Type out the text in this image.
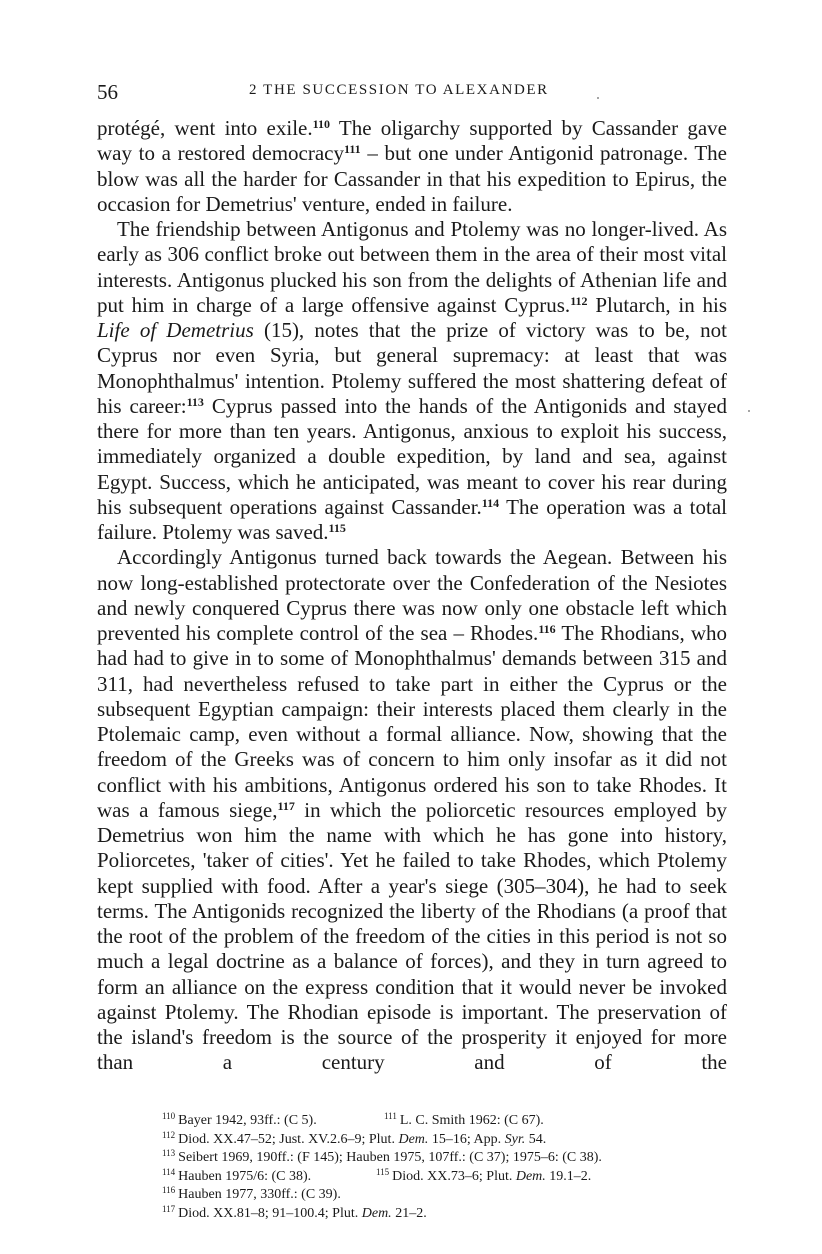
56	2 THE SUCCESSION TO ALEXANDER

protégé, went into exile.$^{110}$ The oligarchy supported by Cassander gave way to a restored democracy$^{111}$ – but one under Antigonid patronage. The blow was all the harder for Cassander in that his expedition to Epirus, the occasion for Demetrius' venture, ended in failure.

The friendship between Antigonus and Ptolemy was no longer-lived. As early as 306 conflict broke out between them in the area of their most vital interests. Antigonus plucked his son from the delights of Athenian life and put him in charge of a large offensive against Cyprus.$^{112}$ Plutarch, in his Life of Demetrius (15), notes that the prize of victory was to be, not Cyprus nor even Syria, but general supremacy: at least that was Monophthalmus' intention. Ptolemy suffered the most shattering defeat of his career:$^{113}$ Cyprus passed into the hands of the Antigonids and stayed there for more than ten years. Antigonus, anxious to exploit his success, immediately organized a double expedition, by land and sea, against Egypt. Success, which he anticipated, was meant to cover his rear during his subsequent operations against Cassander.$^{114}$ The operation was a total failure. Ptolemy was saved.$^{115}$

Accordingly Antigonus turned back towards the Aegean. Between his now long-established protectorate over the Confederation of the Nesiotes and newly conquered Cyprus there was now only one obstacle left which prevented his complete control of the sea – Rhodes.$^{116}$ The Rhodians, who had had to give in to some of Monophthalmus' demands between 315 and 311, had nevertheless refused to take part in either the Cyprus or the subsequent Egyptian campaign: their interests placed them clearly in the Ptolemaic camp, even without a formal alliance. Now, showing that the freedom of the Greeks was of concern to him only insofar as it did not conflict with his ambitions, Antigonus ordered his son to take Rhodes. It was a famous siege,$^{117}$ in which the poliorcetic resources employed by Demetrius won him the name with which he has gone into history, Poliorcetes, 'taker of cities'. Yet he failed to take Rhodes, which Ptolemy kept supplied with food. After a year's siege (305–304), he had to seek terms. The Antigonids recognized the liberty of the Rhodians (a proof that the root of the problem of the freedom of the cities in this period is not so much a legal doctrine as a balance of forces), and they in turn agreed to form an alliance on the express condition that it would never be invoked against Ptolemy. The Rhodian episode is important. The preservation of the island's freedom is the source of the prosperity it enjoyed for more than a century and of the

$^{110}$ Bayer 1942, 93ff.: (C 5).	$^{111}$ L. C. Smith 1962: (C 67).
$^{112}$ Diod. XX.47–52; Just. XV.2.6–9; Plut. Dem. 15–16; App. Syr. 54.
$^{113}$ Seibert 1969, 190ff.: (F 145); Hauben 1975, 107ff.: (C 37); 1975–6: (C 38).
$^{114}$ Hauben 1975/6: (C 38).	$^{115}$ Diod. XX.73–6; Plut. Dem. 19.1–2.
$^{116}$ Hauben 1977, 330ff.: (C 39).
$^{117}$ Diod. XX.81–8; 91–100.4; Plut. Dem. 21–2.
